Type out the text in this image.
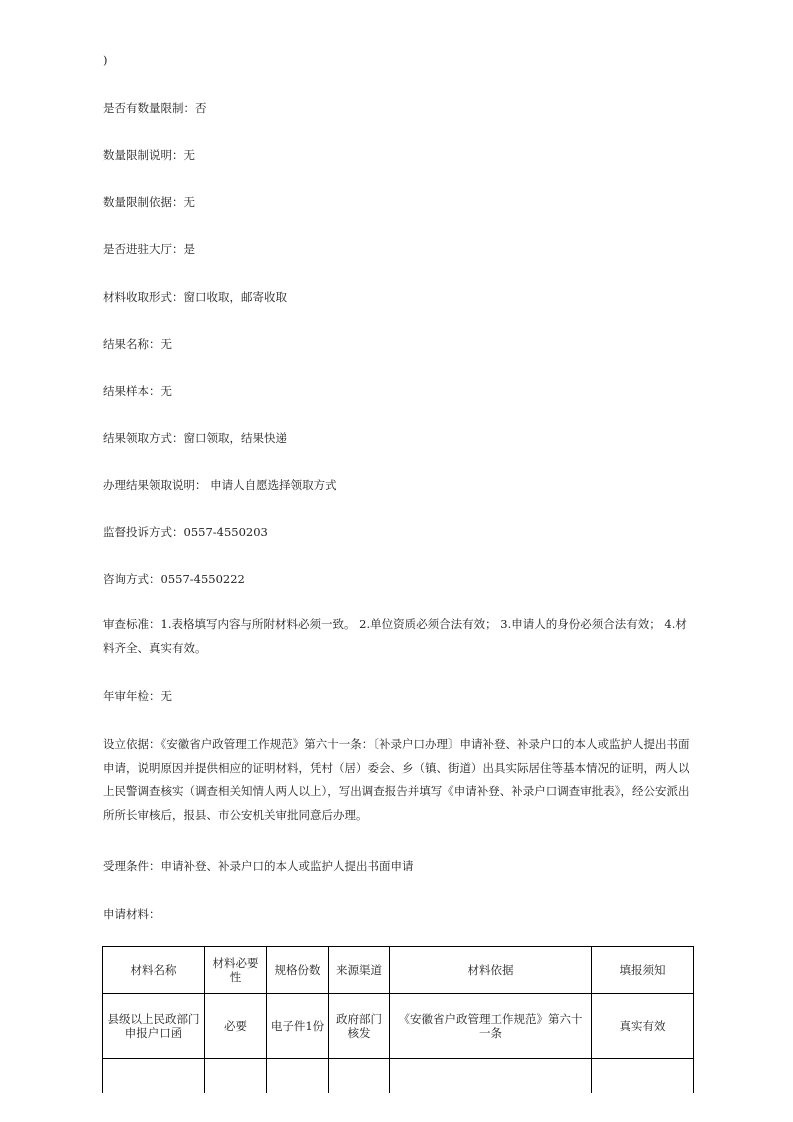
)
是否有数量限制：否
数量限制说明：无
数量限制依据：无
是否进驻大厅：是
材料收取形式：窗口收取，邮寄收取
结果名称：无
结果样本：无
结果领取方式：窗口领取，结果快递
办理结果领取说明： 申请人自愿选择领取方式
监督投诉方式：0557-4550203
咨询方式：0557-4550222
审查标准：1.表格填写内容与所附材料必须一致。 2.单位资质必须合法有效； 3.申请人的身份必须合法有效； 4.材料齐全、真实有效。
年审年检：无
设立依据：《安徽省户政管理工作规范》第六十一条：〔补录户口办理〕申请补登、补录户口的本人或监护人提出书面申请，说明原因并提供相应的证明材料，凭村（居）委会、乡（镇、街道）出具实际居住等基本情况的证明，两人以上民警调查核实（调查相关知情人两人以上），写出调查报告并填写《申请补登、补录户口调查审批表》，经公安派出所所长审核后，报县、市公安机关审批同意后办理。
受理条件：申请补登、补录户口的本人或监护人提出书面申请
申请材料：
材料名称	材料必要性	规格份数	来源渠道	材料依据	填报须知
县级以上民政部门申报户口函	必要	电子件1份	政府部门核发	《安徽省户政管理工作规范》第六十一条	真实有效
